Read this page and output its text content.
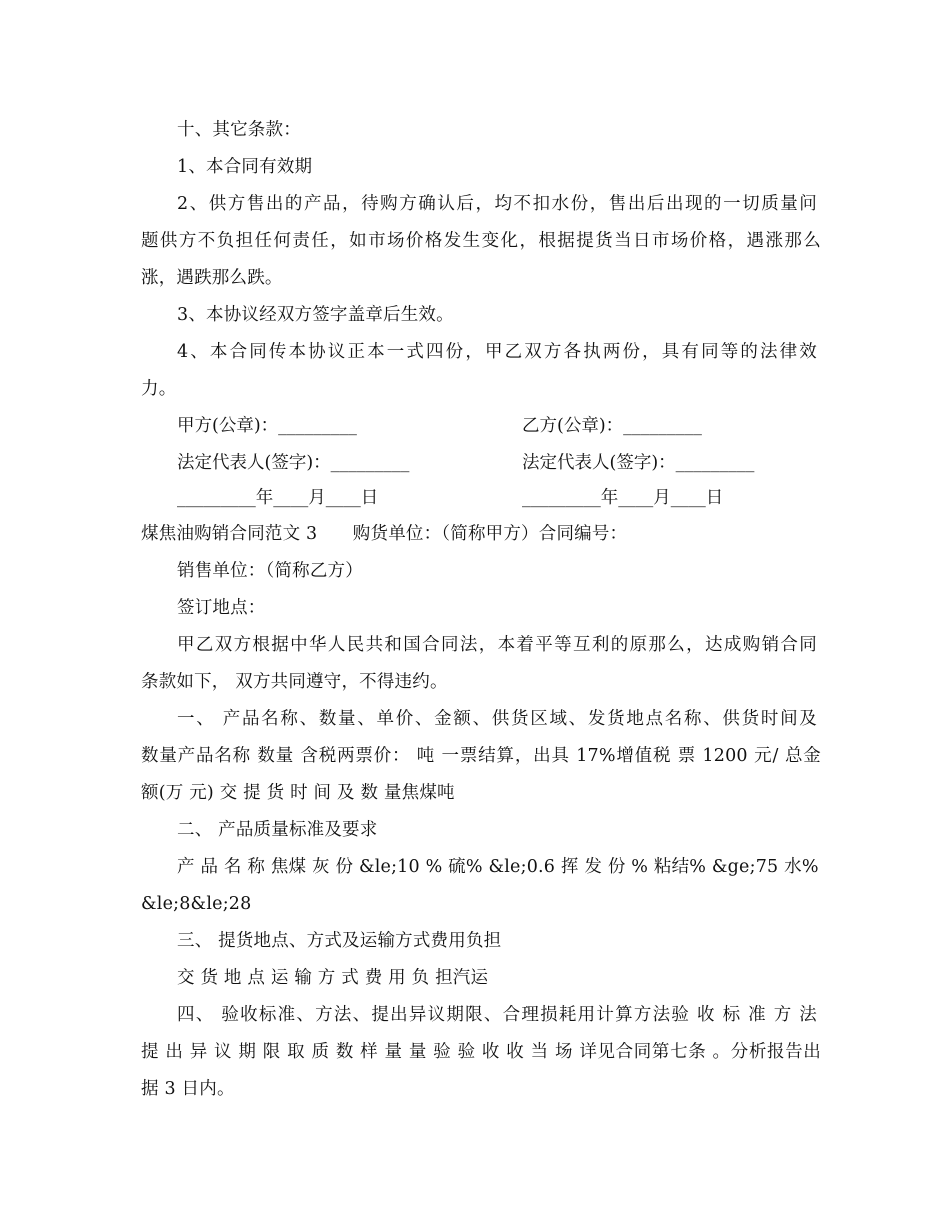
十、其它条款：
1、本合同有效期
2、供方售出的产品，待购方确认后，均不扣水份，售出后出现的一切质量问
题供方不负担任何责任，如市场价格发生变化，根据提货当日市场价格，遇涨那么
涨，遇跌那么跌。
3、本协议经双方签字盖章后生效。
4、本合同传本协议正本一式四份，甲乙双方各执两份，具有同等的法律效
力。
甲方(公章)：_________	乙方(公章)：_________
法定代表人(签字)：_________	法定代表人(签字)：_________
_________年____月____日	_________年____月____日
煤焦油购销合同范文 3　　购货单位：（简称甲方）合同编号：
销售单位：（简称乙方）
签订地点：
甲乙双方根据中华人民共和国合同法，本着平等互利的原那么，达成购销合同
条款如下， 双方共同遵守，不得违约。
一、 产品名称、数量、单价、金额、供货区域、发货地点名称、供货时间及
数量产品名称 数量 含税两票价： 吨 一票结算，出具 17%增值税 票 1200 元/ 总金
额(万 元) 交 提 货 时 间 及 数 量焦煤吨
二、 产品质量标准及要求
产 品 名 称 焦煤 灰 份 &le;10 % 硫% &le;0.6 挥 发 份 % 粘结% &ge;75 水%
&le;8&le;28
三、 提货地点、方式及运输方式费用负担
交 货 地 点 运 输 方 式 费 用 负 担汽运
四、 验收标准、方法、提出异议期限、合理损耗用计算方法验 收 标 准 方 法
提 出 异 议 期 限 取 质 数 样 量 量 验 验 收 收 当 场 详见合同第七条 。分析报告出
据 3 日内。
